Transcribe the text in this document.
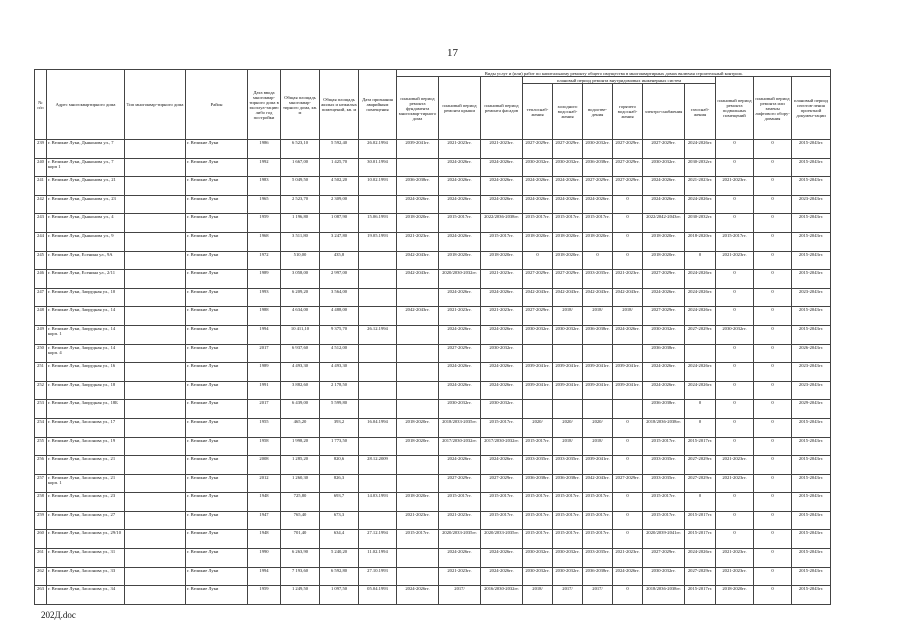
17
№ п/п	Адрес многоквартирного дома	Тип многоквар-тирного дома	Район	Дата ввода многоквар-тирного дома в эксплуа-тацию либо год постройки	Общая площадь многоквар-тирного дома, кв. м	Общая площадь жилых и нежилых помещений, кв. м	Дата признания аварийным помещения	Виды услуг и (или) работ по капитальному ремонту общего имущества в многоквартирных домах включая строительный контроль											
								плановый период ремонта фундамента многоквар-тирного дома	плановый период ремонта крыши	плановый период ремонта фасадов	плановый период ремонта внутридомовых инженерных систем						плановый период ремонта подвальных помещений	плановый период ремонта или замены лифтового обору-дования	плановый период изготов-ления проектной докумен-тации
											теплоснаб-жения	холодного водоснаб-жения	водоотве-дения	горячего водоснаб-жения	электро-снабжения	газоснаб-жения			
239	г. Великие Луки, Дьяконова ул., 7		г. Великие Луки	1986	6 523,10	5 592,40	26.02.1994	2039-2041гг.	2021-2023гг.	2021-2023гг.	2027-2029гг.	2027-2029гг.	2030-2032гг.	2027-2029гг.	2027-2029гг.	2024-2026гг.	0	0	2015-2043гг.
240	г. Великие Луки, Дьяконова ул., 7 корп 1		г. Великие Луки	1992	1 667,00	1 425,70	30.01.1994		2024-2026гг.	2024-2026гг.	2030-2032гг.	2030-2032гг.	2036-2038гг.	2027-2029гг.	2030-2032гг.	2030-2032гг.	0	0	2015-2043гг.
241	г. Великие Луки, Дьяконова ул., 21		г. Великие Луки	1983	5 049,50	4 502,20	10.02.1993	2036-2038гг.	2024-2026гг.	2024-2026гг.	2024-2026гг.	2024-2026гг.	2027-2029гг.	2027-2029гг.	2024-2026гг.	2021-2023гг.	2021-2023гг.	0	2015-2043гг.
242	г. Великие Луки, Дьяконова ул., 23		г. Великие Луки	1965	2 523,70	2 309,00		2024-2026гг.	2024-2026гг.	2024-2026гг.	2024-2026гг.	2024-2026гг.	2024-2026гг.	0	2024-2026гг.	2024-2026гг.	0	0	2023-2043гг.
243	г. Великие Луки, Дьяконова ул., 4		г. Великие Луки	1959	1 196,80	1 087,90	15.06.1993	2018-2020гг.	2015-2017гг.	2022/2036-2038гг.	2015-2017гг.	2015-2017гг.	2015-2017гг.	0	2022/2042-2043гг.	2030-2032гг.	0	0	2015-2043гг.
244	г. Великие Луки, Дьяконова ул., 9		г. Великие Луки	1968	3 511,80	3 247,80	19.05.1993	2021-2023гг.	2024-2026гг.	2015-2017гг.	2018-2020гг.	2018-2020гг.	2018-2020гг.	0	2018-2020гг.	2018-2020гг.	2015-2017гг.	0	2015-2043гг.
245	г. Великие Луки, Есенина ул., 9А		г. Великие Луки	1972	510,00	435,8		2042-2043гг.	2018-2020гг.	2018-2020гг.	0	2018-2020гг.	0	0	2018-2020гг.	0	2021-2023гг.	0	2015-2043гг.
246	г. Великие Луки, Есенина ул., 2/11		г. Великие Луки	1989	3 058,00	2 997,00		2042-2043гг.	2020/2030-2032гг.	2021-2023гг.	2027-2029гг.	2027-2029гг.	2033-2035гг.	2021-2023гг.	2027-2029гг.	2024-2026гг.	0	0	2015-2043гг.
247	г. Великие Луки, Запрудная ул., 10		г. Великие Луки	1993	6 209,20	3 564,00			2024-2026гг.	2024-2026гг.	2042-2043гг.	2042-2043гг.	2042-2043гг.	2042-2043гг.	2024-2026гг.	2024-2026гг.	0	0	2023-2043гг.
248	г. Великие Луки, Запрудная ул., 14		г. Великие Луки	1988	4 634,00	4 488,00		2042-2043гг.	2021-2023гг.	2021-2023гг.	2027-2029гг.	2018/	2018/	2018/	2027-2029гг.	2024-2026гг.	0	0	2015-2043гг.
249	г. Великие Луки, Запрудная ул., 14 корп. 1		г. Великие Луки	1994	10 411,10	9 375,70	26.12.1994		2024-2026гг.	2024-2026гг.	2030-2032гг.	2030-2032гг.	2036-2038гг.	2024-2026гг.	2030-2032гг.	2027-2029гг.	2030-2032гг.	0	2015-2043гг.
250	г. Великие Луки, Запрудная ул., 14 корп. 4		г. Великие Луки	2017	6 937,60	4 512,00			2027-2029гг.	2030-2032гг.					2036-2038гг.		0	0	2026-2043гг.
251	г. Великие Луки, Запрудная ул., 16		г. Великие Луки	1989	4 493,30	4 493,30			2024-2026гг.	2024-2026гг.	2039-2041гг.	2039-2041гг.	2039-2041гг.	2039-2041гг.	2024-2026гг.	2024-2026гг.	0	0	2023-2043гг.
252	г. Великие Луки, Запрудная ул., 18		г. Великие Луки	1991	3 882,60	2 178,50			2024-2026гг.	2024-2026гг.	2039-2041гг.	2039-2041гг.	2039-2041гг.	2039-2041гг.	2024-2026гг.	2024-2026гг.	0	0	2023-2043гг.
253	г. Великие Луки, Запрудная ул., 18Б		г. Великие Луки	2017	6 439,00	5 599,80			2030-2032гг.	2030-2032гг.					2036-2038гг.	0	0	0	2029-2043гг.
254	г. Великие Луки, Заслонова ул., 17		г. Великие Луки	1955	465,20	393,2	16.04.1994	2018-2020гг.	2018/2033-2035гг.	2015-2017гг.	2020/	2020/	2020/	0	2018/2036-2038гг.	0	0	0	2015-2043гг.
255	г. Великие Луки, Заслонова ул., 19		г. Великие Луки	1958	1 998,20	1 773,50		2018-2020гг.	2017/2030-2032гг.	2017/2030-2032гг.	2015-2017гг.	2018/	2018/	0	2015-2017гг.	2015-2017гг.	0	0	2015-2043гг.
256	г. Великие Луки, Заслонова ул., 21		г. Великие Луки	2008	1 285,20	820,6	28.12.2009		2024-2026гг.	2024-2026гг.	2033-2035гг.	2033-2035гг.	2039-2041гг.	0	2033-2035гг.	2027-2029гг.	2021-2023гг.	0	2015-2043гг.
257	г. Великие Луки, Заслонова ул., 21 корп. 1		г. Великие Луки	2012	1 260,30	826,3			2027-2029гг.	2027-2029гг.	2036-2038гг.	2036-2038гг.	2042-2043гг.	2027-2029гг.	2033-2035гг.	2027-2029гг.	2021-2023гг.	0	2015-2043гг.
258	г. Великие Луки, Заслонова ул., 23		г. Великие Луки	1948	725,80	693,7	14.03.1993	2018-2020гг.	2015-2017гг.	2015-2017гг.	2015-2017гг.	2015-2017гг.	2015-2017гг.	0	2015-2017гг.	0	0	0	2015-2043гг.
259	г. Великие Луки, Заслонова ул., 27		г. Великие Луки	1947	765,40	673,3		2021-2023гг.	2021-2023гг.	2015-2017гг.	2015-2017гг.	2015-2017гг.	2015-2017гг.	0	2015-2017гг.	2015-2017гг.	0	0	2015-2043гг.
260	г. Великие Луки, Заслонова ул., 29/10		г. Великие Луки	1948	701,40	634,4	27.12.1994	2015-2017гг.	2020/2033-2035гг.	2020/2033-2035гг.	2015-2017гг.	2015-2017гг.	2015-2017гг.	0	2020/2039-2041гг.	2015-2017гг.	0	0	2015-2043гг.
261	г. Великие Луки, Заслонова ул., 31		г. Великие Луки	1990	6 263,90	5 240,20	11.02.1994		2024-2026гг.	2024-2026гг.	2030-2032гг.	2030-2032гг.	2033-2035гг.	2021-2023гг.	2027-2029гг.	2024-2026гг.	2021-2023гг.	0	2015-2043гг.
262	г. Великие Луки, Заслонова ул., 33		г. Великие Луки	1994	7 193,60	6 592,80	27.10.1993		2021-2023гг.	2024-2026гг.	2030-2032гг.	2030-2032гг.	2036-2038гг.	2024-2026гг.	2030-2032гг.	2027-2029гг.	2021-2023гг.	0	2015-2043гг.
263	г. Великие Луки, Заслонова ул., 34		г. Великие Луки	1959	1 249,50	1 097,50	05.04.1993	2024-2026гг.	2017/	2016/2030-2032гг.	2018/	2017/	2017/	0	2018/2036-2038гг.	2015-2017гг.	2018-2020гг.	0	2015-2043гг.
202Д.doc
